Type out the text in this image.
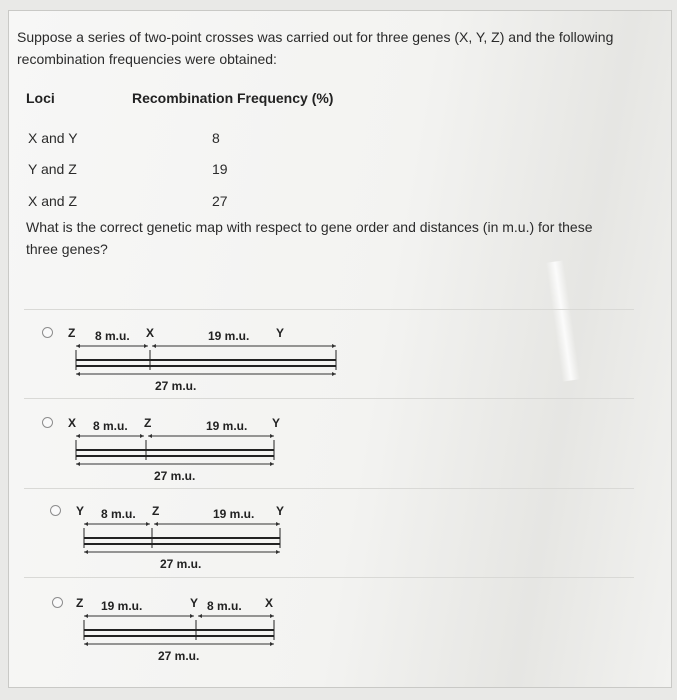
Suppose a series of two-point crosses was carried out for three genes (X, Y, Z) and the following recombination frequencies were obtained:
Loci	Recombination Frequency (%)
X and Y	8
Y and Z	19
X and Z	27
What is the correct genetic map with respect to gene order and distances (in m.u.) for these three genes?
Z	X	Y
8 m.u.	19 m.u.
27 m.u.
X	Z	Y
8 m.u.	19 m.u.
27 m.u.
Y	Z	Y
8 m.u.	19 m.u.
27 m.u.
Z	Y	X
19 m.u.	8 m.u.
27 m.u.
